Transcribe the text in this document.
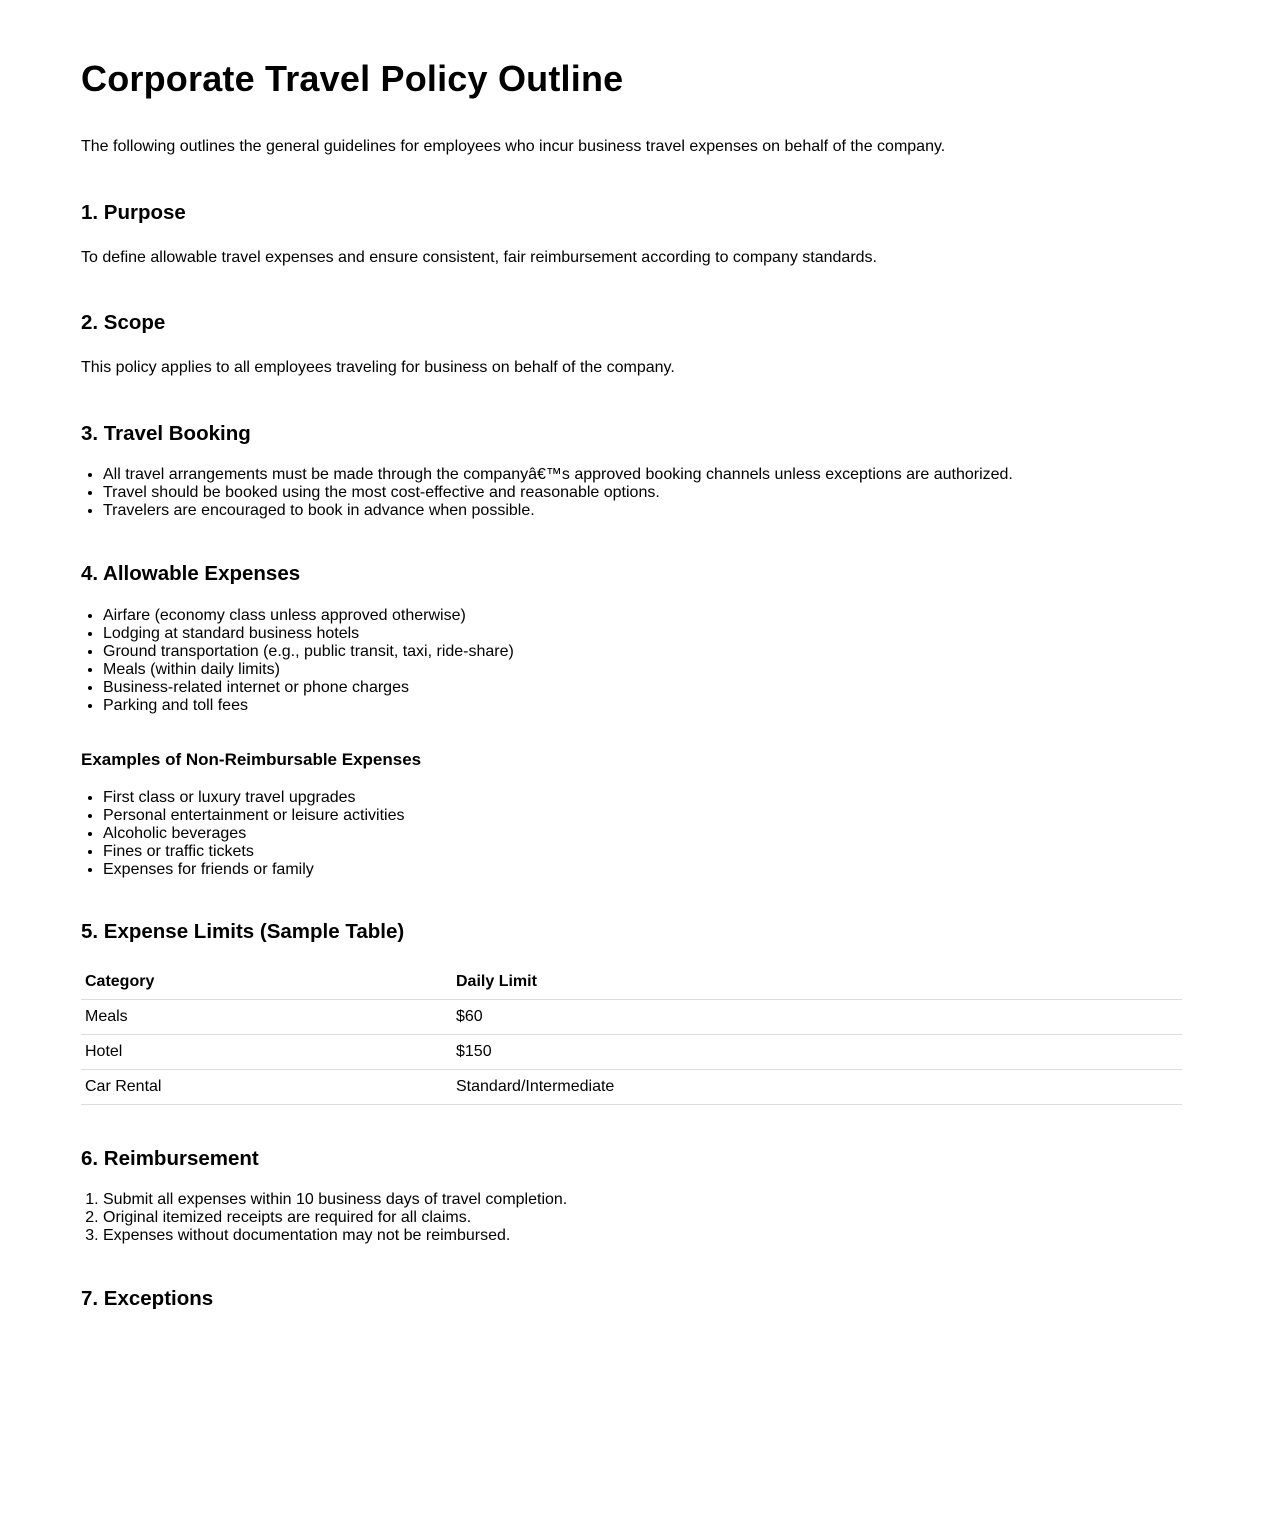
Corporate Travel Policy Outline

The following outlines the general guidelines for employees who incur business travel expenses on behalf of the company.

1. Purpose

To define allowable travel expenses and ensure consistent, fair reimbursement according to company standards.

2. Scope

This policy applies to all employees traveling for business on behalf of the company.

3. Travel Booking
• All travel arrangements must be made through the companyâ€™s approved booking channels unless exceptions are authorized.
• Travel should be booked using the most cost-effective and reasonable options.
• Travelers are encouraged to book in advance when possible.
4. Allowable Expenses
• Airfare (economy class unless approved otherwise)
• Lodging at standard business hotels
• Ground transportation (e.g., public transit, taxi, ride-share)
• Meals (within daily limits)
• Business-related internet or phone charges
• Parking and toll fees
Examples of Non-Reimbursable Expenses
• First class or luxury travel upgrades
• Personal entertainment or leisure activities
• Alcoholic beverages
• Fines or traffic tickets
• Expenses for friends or family
5. Expense Limits (Sample Table)
Category	Daily Limit
Meals	$60
Hotel	$150
Car Rental	Standard/Intermediate
6. Reimbursement
1. Submit all expenses within 10 business days of travel completion.
2. Original itemized receipts are required for all claims.
3. Expenses without documentation may not be reimbursed.
7. Exceptions
